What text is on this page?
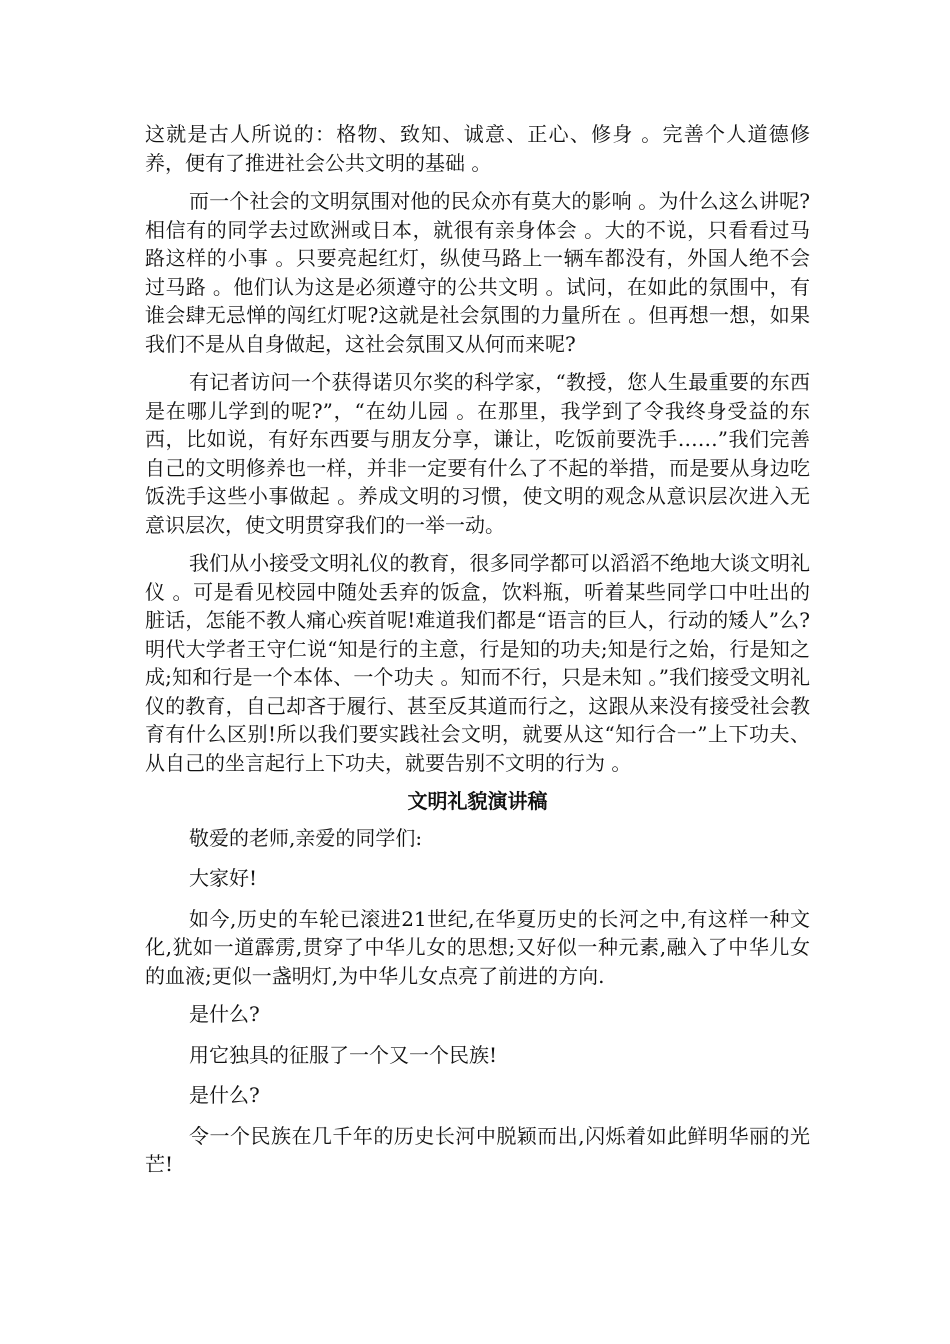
这就是古人所说的：格物、致知、诚意、正心、修身 。完善个人道德修养，便有了推进社会公共文明的基础 。

而一个社会的文明氛围对他的民众亦有莫大的影响 。为什么这么讲呢?相信有的同学去过欧洲或日本，就很有亲身体会 。大的不说，只看看过马路这样的小事 。只要亮起红灯，纵使马路上一辆车都没有，外国人绝不会过马路 。他们认为这是必须遵守的公共文明 。试问，在如此的氛围中，有谁会肆无忌惮的闯红灯呢?这就是社会氛围的力量所在 。但再想一想，如果我们不是从自身做起，这社会氛围又从何而来呢?

有记者访问一个获得诺贝尔奖的科学家，“教授，您人生最重要的东西是在哪儿学到的呢?”，“在幼儿园 。在那里，我学到了令我终身受益的东西，比如说，有好东西要与朋友分享，谦让，吃饭前要洗手……”我们完善自己的文明修养也一样，并非一定要有什么了不起的举措，而是要从身边吃饭洗手这些小事做起 。养成文明的习惯，使文明的观念从意识层次进入无意识层次，使文明贯穿我们的一举一动。

我们从小接受文明礼仪的教育，很多同学都可以滔滔不绝地大谈文明礼仪 。可是看见校园中随处丢弃的饭盒，饮料瓶，听着某些同学口中吐出的脏话，怎能不教人痛心疾首呢!难道我们都是“语言的巨人，行动的矮人”么?明代大学者王守仁说“知是行的主意，行是知的功夫;知是行之始，行是知之成;知和行是一个本体、一个功夫 。知而不行，只是未知 。”我们接受文明礼仪的教育，自己却吝于履行、甚至反其道而行之，这跟从来没有接受社会教育有什么区别!所以我们要实践社会文明，就要从这“知行合一”上下功夫、从自己的坐言起行上下功夫，就要告别不文明的行为 。

文明礼貌演讲稿

敬爱的老师,亲爱的同学们:

大家好!

如今,历史的车轮已滚进21世纪,在华夏历史的长河之中,有这样一种文化,犹如一道霹雳,贯穿了中华儿女的思想;又好似一种元素,融入了中华儿女的血液;更似一盏明灯,为中华儿女点亮了前进的方向.

是什么?

用它独具的征服了一个又一个民族!

是什么?

令一个民族在几千年的历史长河中脱颖而出,闪烁着如此鲜明华丽的光芒!
